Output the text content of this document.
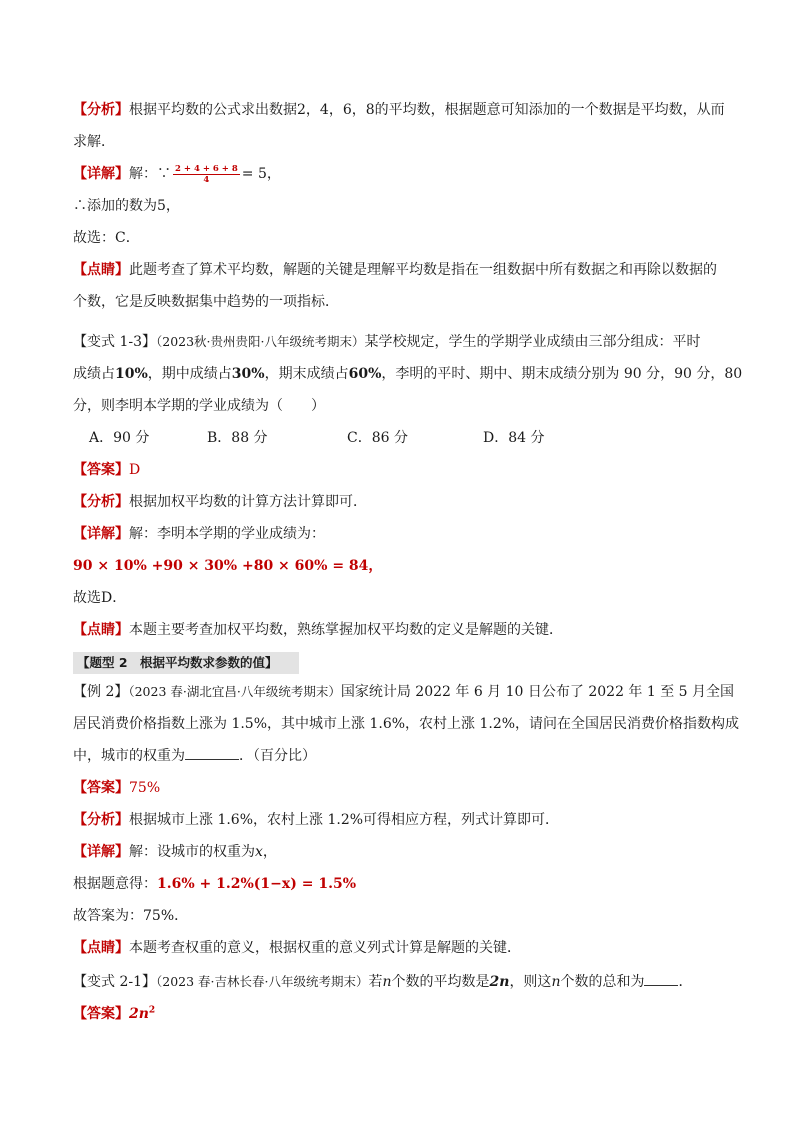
【分析】根据平均数的公式求出数据2，4，6，8的平均数，根据题意可知添加的一个数据是平均数，从而
求解．
【详解】解：∵ $\frac{2 + 4 + 6 + 8}{4} = 5$，
∴添加的数为5，
故选：C．
【点睛】此题考查了算术平均数，解题的关键是理解平均数是指在一组数据中所有数据之和再除以数据的
个数，它是反映数据集中趋势的一项指标．
【变式 1-3】（2023秋·贵州贵阳·八年级统考期末）某学校规定，学生的学期学业成绩由三部分组成：平时
成绩占10%，期中成绩占30%，期末成绩占60%，李明的平时、期中、期末成绩分别为 90 分，90 分，80
分，则李明本学期的学业成绩为（　　）
A．90 分	B．88 分	C．86 分	D．84 分
【答案】D
【分析】根据加权平均数的计算方法计算即可．
【详解】解：李明本学期的学业成绩为：
90 × 10% +90 × 30% +80 × 60% = 84，
故选D．
【点睛】本题主要考查加权平均数，熟练掌握加权平均数的定义是解题的关键．
【题型 2　根据平均数求参数的值】
【例 2】（2023 春·湖北宜昌·八年级统考期末）国家统计局 2022 年 6 月 10 日公布了 2022 年 1 至 5 月全国
居民消费价格指数上涨为 1.5%，其中城市上涨 1.6%，农村上涨 1.2%，请问在全国居民消费价格指数构成
中，城市的权重为	．（百分比）
【答案】75%
【分析】根据城市上涨 1.6%，农村上涨 1.2%可得相应方程，列式计算即可．
【详解】解：设城市的权重为x，
根据题意得：1.6% + 1.2%(1−x) = 1.5%
故答案为：75%．
【点睛】本题考查权重的意义，根据权重的意义列式计算是解题的关键．
【变式 2-1】（2023 春·吉林长春·八年级统考期末）若n个数的平均数是2n，则这n个数的总和为 ．
【答案】$2n^2$
